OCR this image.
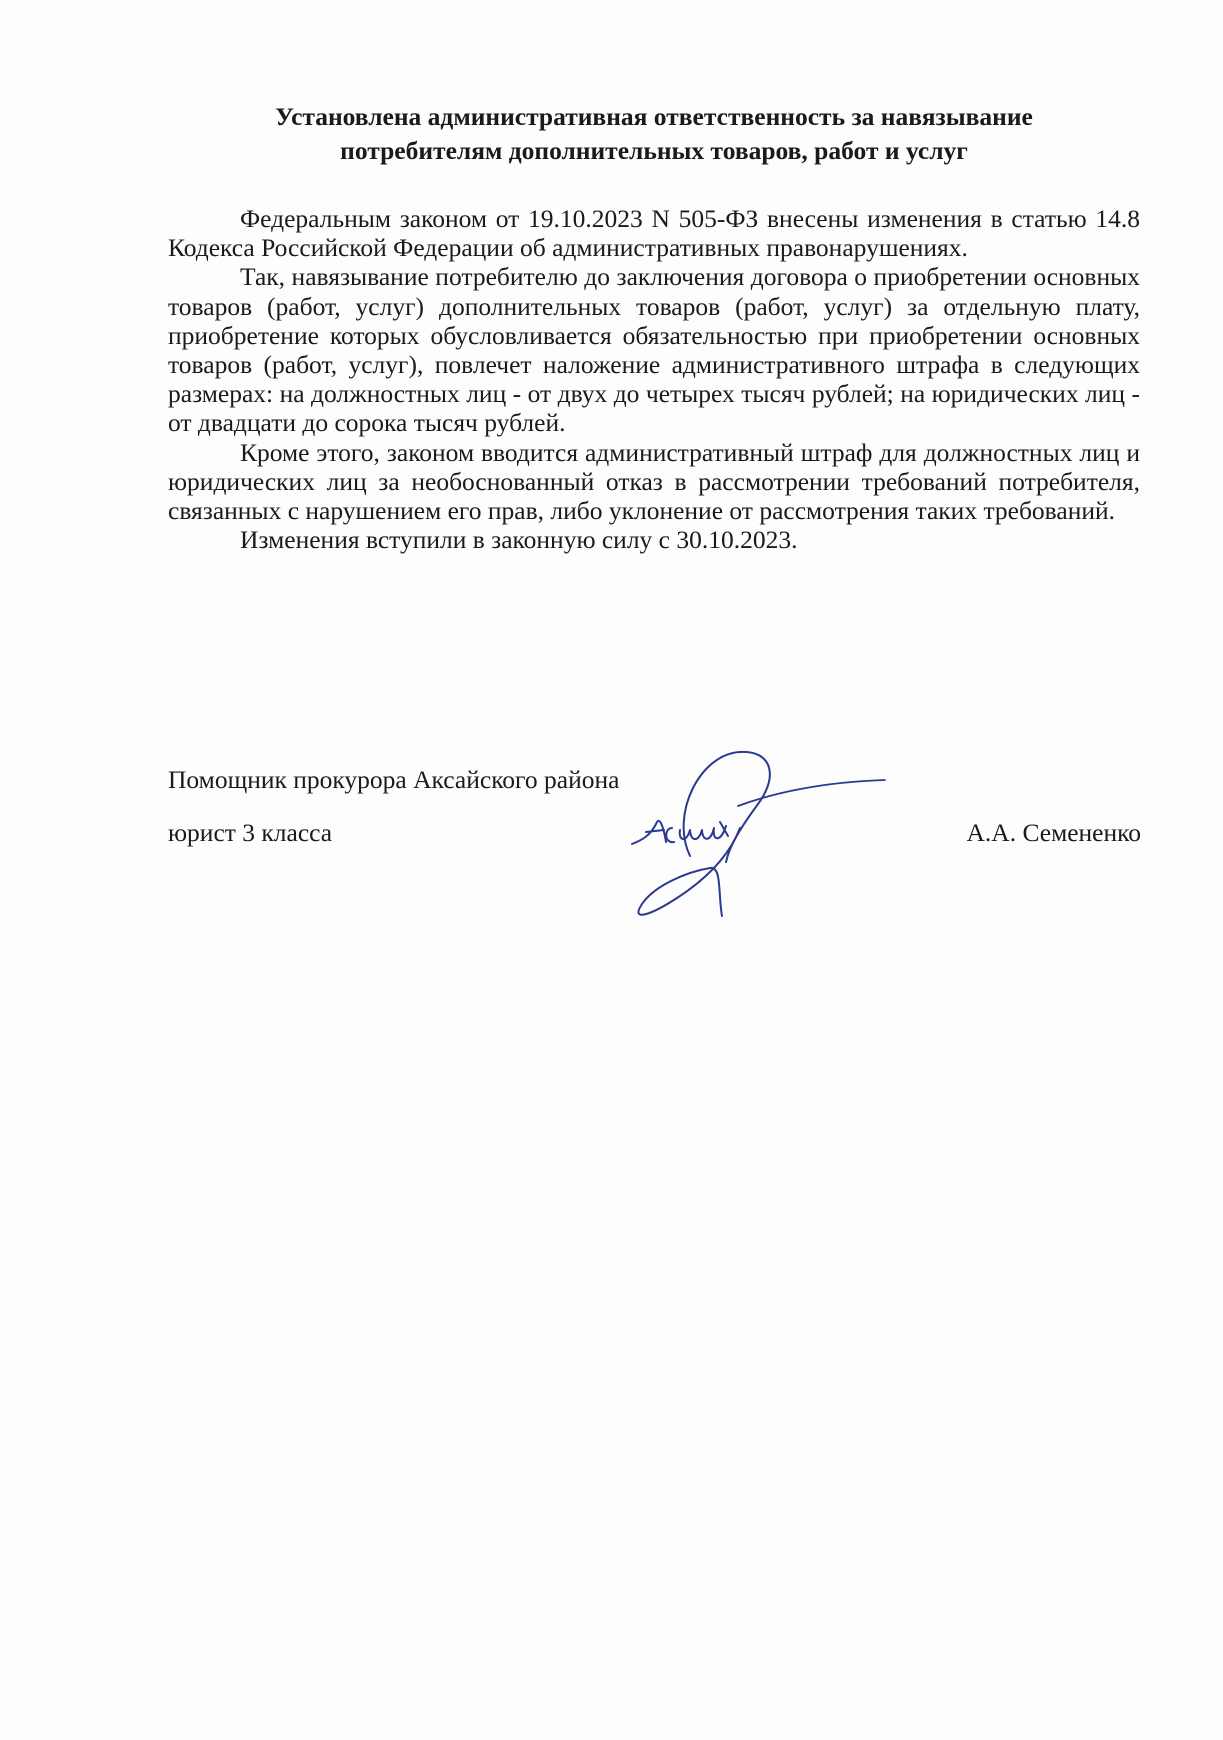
Установлена административная ответственность за навязывание
потребителям дополнительных товаров, работ и услуг

Федеральным законом от 19.10.2023 N 505-ФЗ внесены изменения в статью 14.8 Кодекса Российской Федерации об административных правонарушениях.

Так, навязывание потребителю до заключения договора о приобретении основных товаров (работ, услуг) дополнительных товаров (работ, услуг) за отдельную плату, приобретение которых обусловливается обязательностью при приобретении основных товаров (работ, услуг), повлечет наложение административного штрафа в следующих размерах: на должностных лиц - от двух до четырех тысяч рублей; на юридических лиц - от двадцати до сорока тысяч рублей.

Кроме этого, законом вводится административный штраф для должностных лиц и юридических лиц за необоснованный отказ в рассмотрении требований потребителя, связанных с нарушением его прав, либо уклонение от рассмотрения таких требований.

Изменения вступили в законную силу с 30.10.2023.

Помощник прокурора Аксайского района
юрист 3 класса	А.А. Семененко
